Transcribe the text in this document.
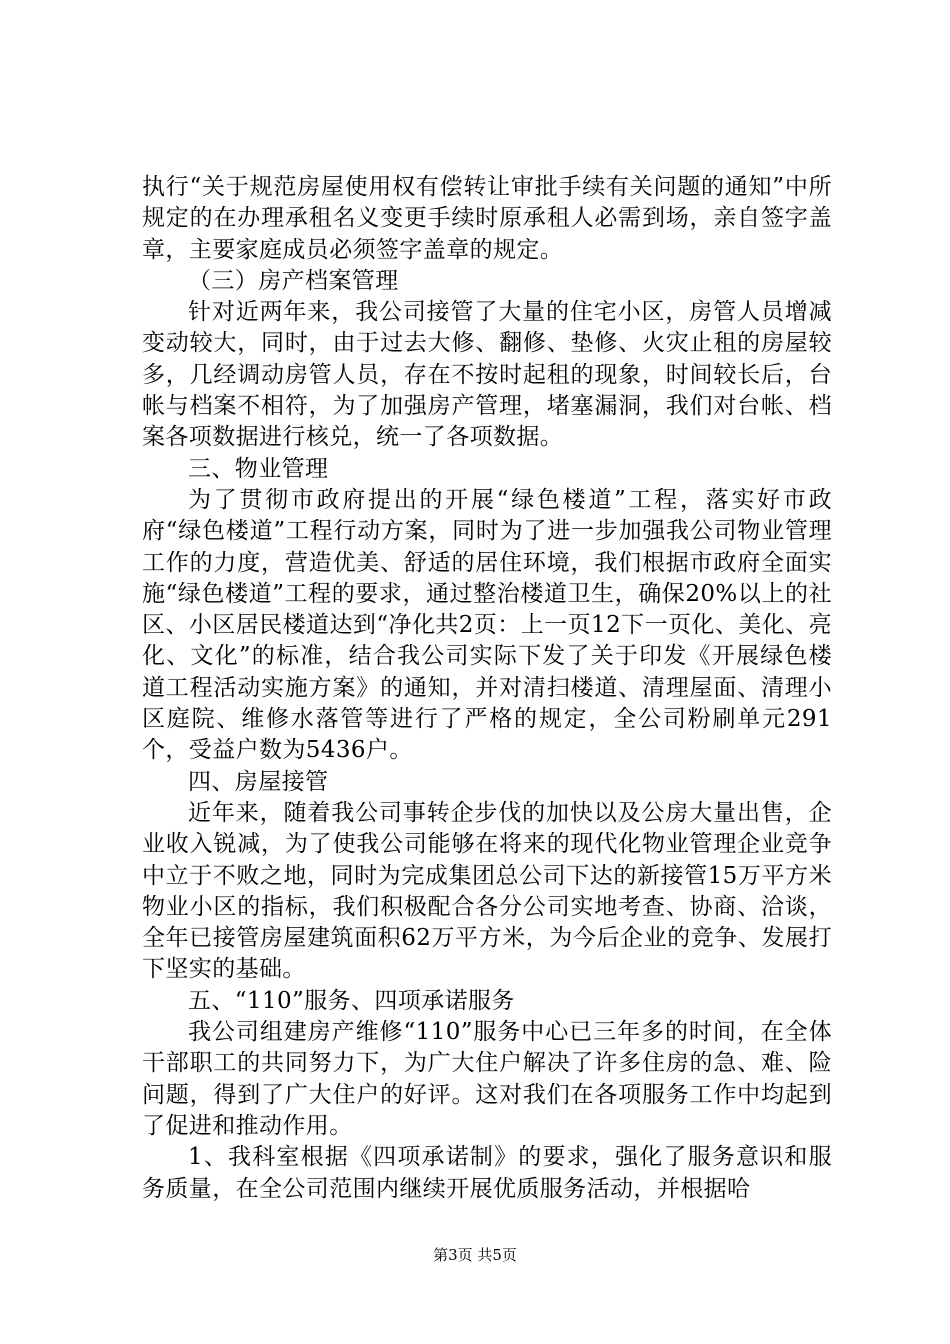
执行“关于规范房屋使用权有偿转让审批手续有关问题的通知”中所规定的在办理承租名义变更手续时原承租人必需到场，亲自签字盖章，主要家庭成员必须签字盖章的规定。

（三）房产档案管理

针对近两年来，我公司接管了大量的住宅小区，房管人员增减变动较大，同时，由于过去大修、翻修、垫修、火灾止租的房屋较多，几经调动房管人员，存在不按时起租的现象，时间较长后，台帐与档案不相符，为了加强房产管理，堵塞漏洞，我们对台帐、档案各项数据进行核兑，统一了各项数据。

三、物业管理

为了贯彻市政府提出的开展“绿色楼道”工程，落实好市政府“绿色楼道”工程行动方案，同时为了进一步加强我公司物业管理工作的力度，营造优美、舒适的居住环境，我们根据市政府全面实施“绿色楼道”工程的要求，通过整治楼道卫生，确保20%以上的社区、小区居民楼道达到“净化共2页：上一页12下一页化、美化、亮化、文化”的标准，结合我公司实际下发了关于印发《开展绿色楼道工程活动实施方案》的通知，并对清扫楼道、清理屋面、清理小区庭院、维修水落管等进行了严格的规定，全公司粉刷单元291个，受益户数为5436户。

四、房屋接管

近年来，随着我公司事转企步伐的加快以及公房大量出售，企业收入锐减，为了使我公司能够在将来的现代化物业管理企业竞争中立于不败之地，同时为完成集团总公司下达的新接管15万平方米物业小区的指标，我们积极配合各分公司实地考查、协商、洽谈，全年已接管房屋建筑面积62万平方米，为今后企业的竞争、发展打下坚实的基础。

五、“110”服务、四项承诺服务

我公司组建房产维修“110”服务中心已三年多的时间，在全体干部职工的共同努力下，为广大住户解决了许多住房的急、难、险问题，得到了广大住户的好评。这对我们在各项服务工作中均起到了促进和推动作用。

1、我科室根据《四项承诺制》的要求，强化了服务意识和服务质量，在全公司范围内继续开展优质服务活动，并根据哈

第3页 共5页
